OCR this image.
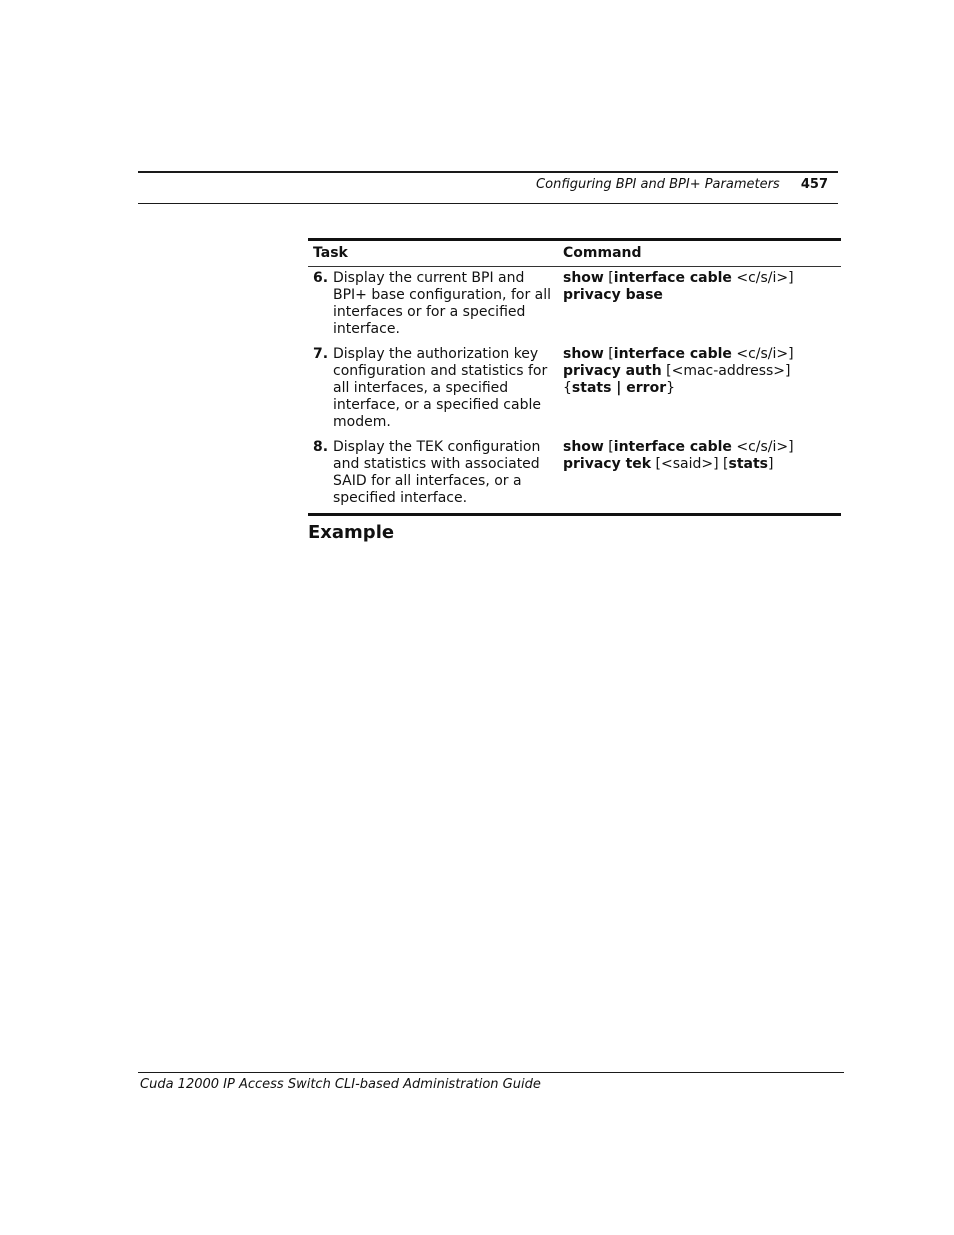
Configuring BPI and BPI+ Parameters 457
Task	Command

6. Display the current BPI and BPI+ base configuration, for all interfaces or for a specified interface.	show [interface cable <c/s/i>] privacy base

7. Display the authorization key configuration and statistics for all interfaces, a specified interface, or a specified cable modem.	show [interface cable <c/s/i>] privacy auth [<mac-address>] {stats | error}

8. Display the TEK configuration and statistics with associated SAID for all interfaces, or a specified interface.	show [interface cable <c/s/i>] privacy tek [<said>] [stats]
Example
Cuda 12000 IP Access Switch CLI-based Administration Guide
